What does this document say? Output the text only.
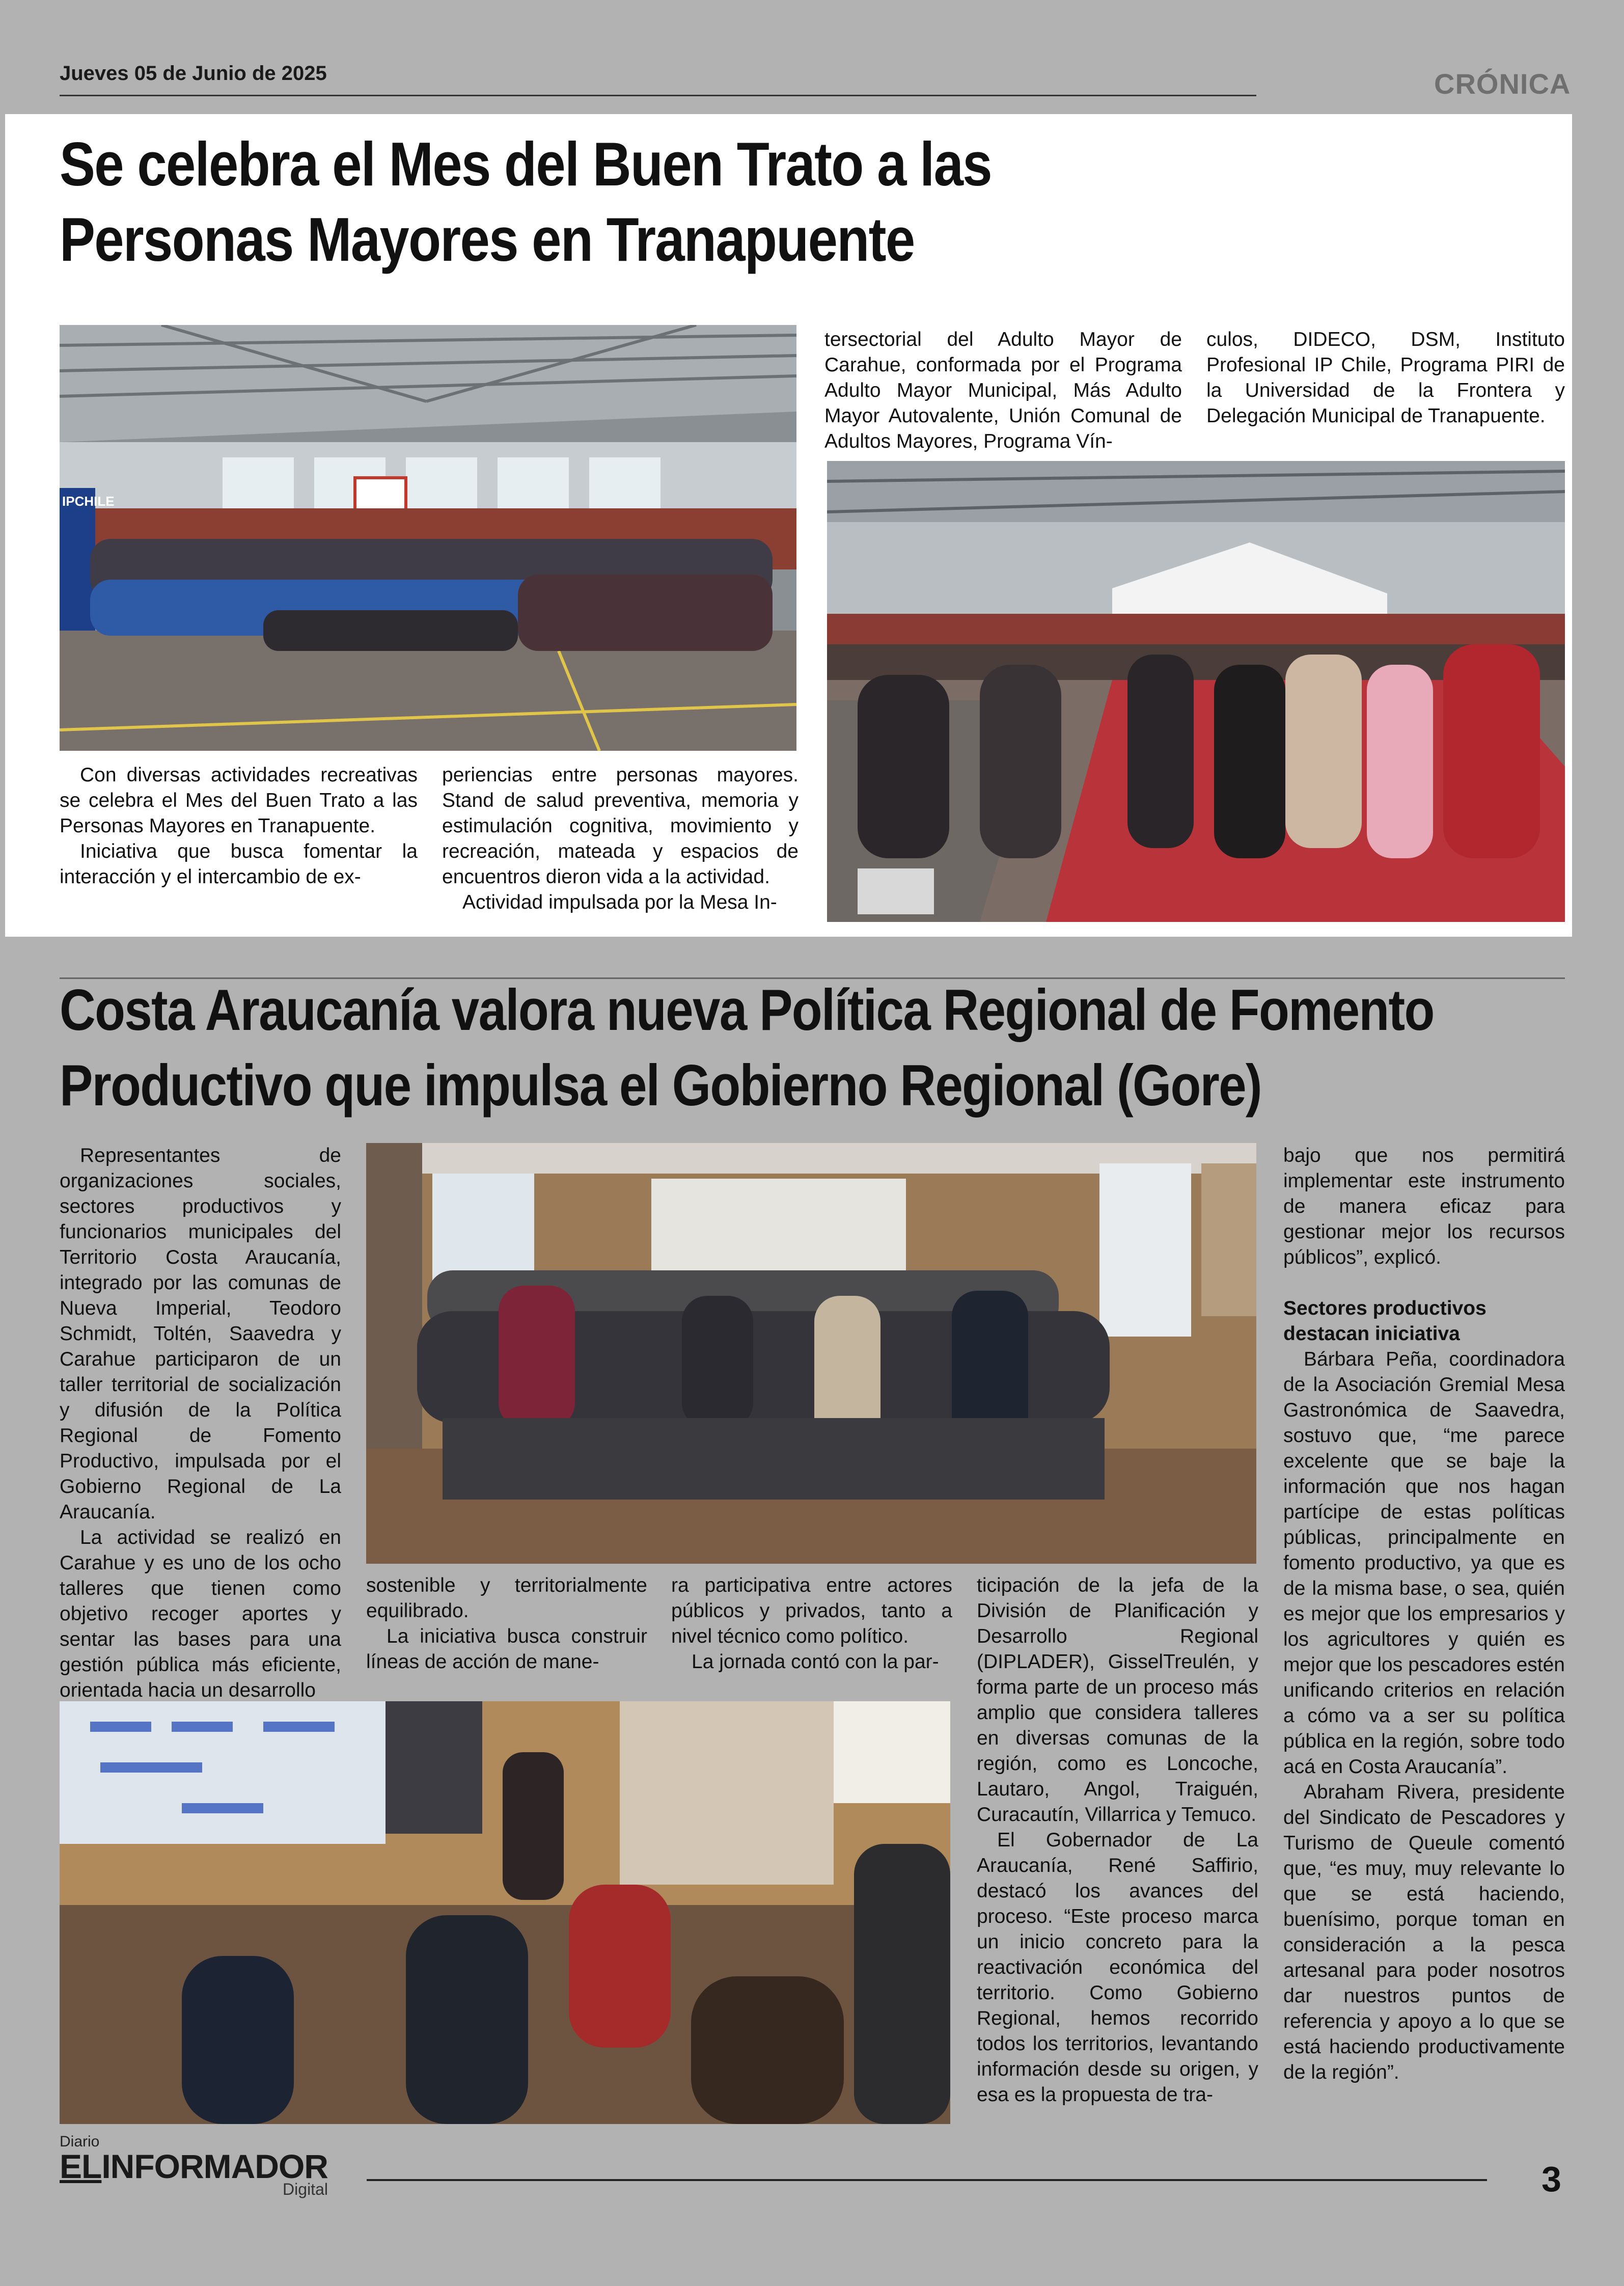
Jueves 05 de Junio de 2025	CRÓNICA
Se celebra el Mes del Buen Trato a las
Personas Mayores en Tranapuente
IPCHILE

Con diversas actividades recreativas se celebra el Mes del Buen Trato a las Personas Mayores en Tranapuente.

Iniciativa que busca fomentar la interacción y el intercambio de ex-

periencias entre personas mayores. Stand de salud preventiva, memoria y estimulación cognitiva, movimiento y recreación, mateada y espacios de encuentros dieron vida a la actividad.

Actividad impulsada por la Mesa In-

tersectorial del Adulto Mayor de Carahue, conformada por el Programa Adulto Mayor Municipal, Más Adulto Mayor Autovalente, Unión Comunal de Adultos Mayores, Programa Vín-

culos, DIDECO, DSM, Instituto Profesional IP Chile, Programa PIRI de la Universidad de la Frontera y Delegación Municipal de Tranapuente.

Costa Araucanía valora nueva Política Regional de Fomento
Productivo que impulsa el Gobierno Regional (Gore)

Representantes de organizaciones sociales, sectores productivos y funcionarios municipales del Territorio Costa Araucanía, integrado por las comunas de Nueva Imperial, Teodoro Schmidt, Toltén, Saavedra y Carahue participaron de un taller territorial de socialización y difusión de la Política Regional de Fomento Productivo, impulsada por el Gobierno Regional de La Araucanía.

La actividad se realizó en Carahue y es uno de los ocho talleres que tienen como objetivo recoger aportes y sentar las bases para una gestión pública más eficiente, orientada hacia un desarrollo

sostenible y territorialmente equilibrado.

La iniciativa busca construir líneas de acción de mane-

ra participativa entre actores públicos y privados, tanto a nivel técnico como político.

La jornada contó con la par-

ticipación de la jefa de la División de Planificación y Desarrollo Regional (DIPLADER), GisselTreulén, y forma parte de un proceso más amplio que considera talleres en diversas comunas de la región, como es Loncoche, Lautaro, Angol, Traiguén, Curacautín, Villarrica y Temuco.

El Gobernador de La Araucanía, René Saffirio, destacó los avances del proceso. “Este proceso marca un inicio concreto para la reactivación económica del territorio. Como Gobierno Regional, hemos recorrido todos los territorios, levantando información desde su origen, y esa es la propuesta de tra-

bajo que nos permitirá implementar este instrumento de manera eficaz para gestionar mejor los recursos públicos”, explicó.

Sectores productivos destacan iniciativa

Bárbara Peña, coordinadora de la Asociación Gremial Mesa Gastronómica de Saavedra, sostuvo que, “me parece excelente que se baje la información que nos hagan partícipe de estas políticas públicas, principalmente en fomento productivo, ya que es de la misma base, o sea, quién es mejor que los empresarios y los agricultores y quién es mejor que los pescadores estén unificando criterios en relación a cómo va a ser su política pública en la región, sobre todo acá en Costa Araucanía”.

Abraham Rivera, presidente del Sindicato de Pescadores y Turismo de Queule comentó que, “es muy, muy relevante lo que se está haciendo, buenísimo, porque toman en consideración a la pesca artesanal para poder nosotros dar nuestros puntos de referencia y apoyo a lo que se está haciendo productivamente de la región”.

Diario
ELINFORMADOR
Digital	3
